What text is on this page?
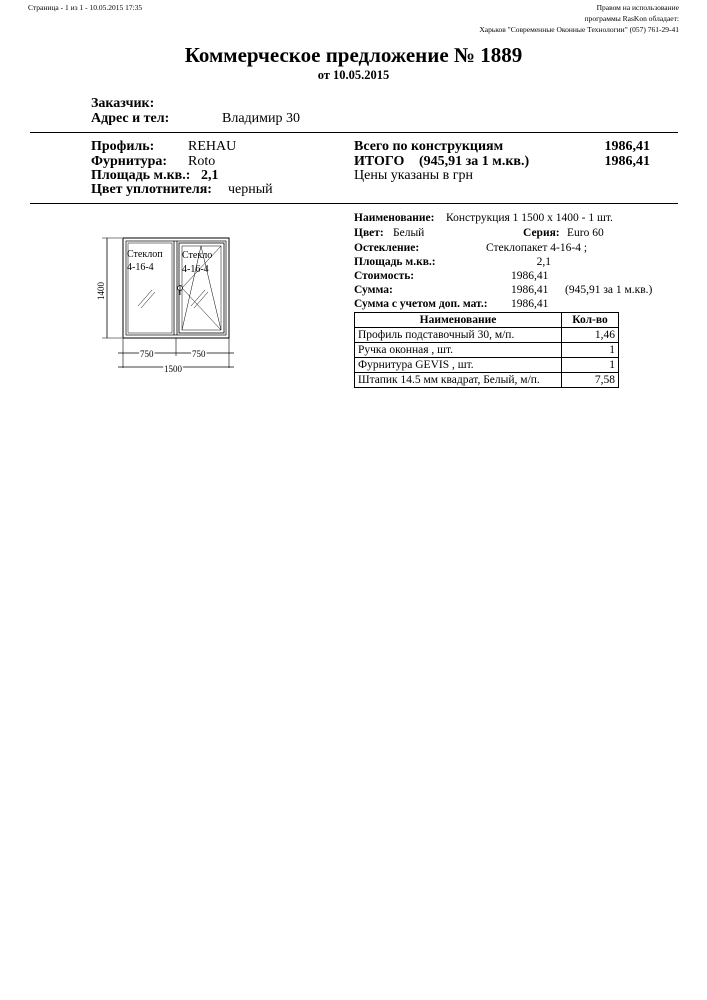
Страница - 1 из 1 - 10.05.2015 17:35	Правом на использование
программы RasKon обладает:
Харьков "Современные Оконные Технологии" (057) 761-29-41
Коммерческое предложение № 1889
от 10.05.2015
Заказчик:
Адрес и тел:	Владимир 30
Профиль: REHAU
Фурнитура: Roto
Площадь м.кв.: 2,1
Цвет уплотнителя: черный
Всего по конструкциям	1986,41
ИТОГО (945,91 за 1 м.кв.)	1986,41
Цены указаны в грн
1400
Стеклоп
4-16-4
Стекло
4-16-4
750	750
1500
Наименование: Конструкция 1 1500 x 1400 - 1 шт.
Цвет: Белый	Серия: Euro 60
Остекление:	Стеклопакет 4-16-4 ;
Площадь м.кв.:	2,1
Стоимость:	1986,41
Сумма:	1986,41 (945,91 за 1 м.кв.)
Сумма с учетом доп. мат.: 1986,41
Наименование	Кол-во
Профиль подставочный 30, м/п.	1,46
Ручка оконная , шт.	1
Фурнитура GEVIS , шт.	1
Штапик 14.5 мм квадрат, Белый, м/п.	7,58
